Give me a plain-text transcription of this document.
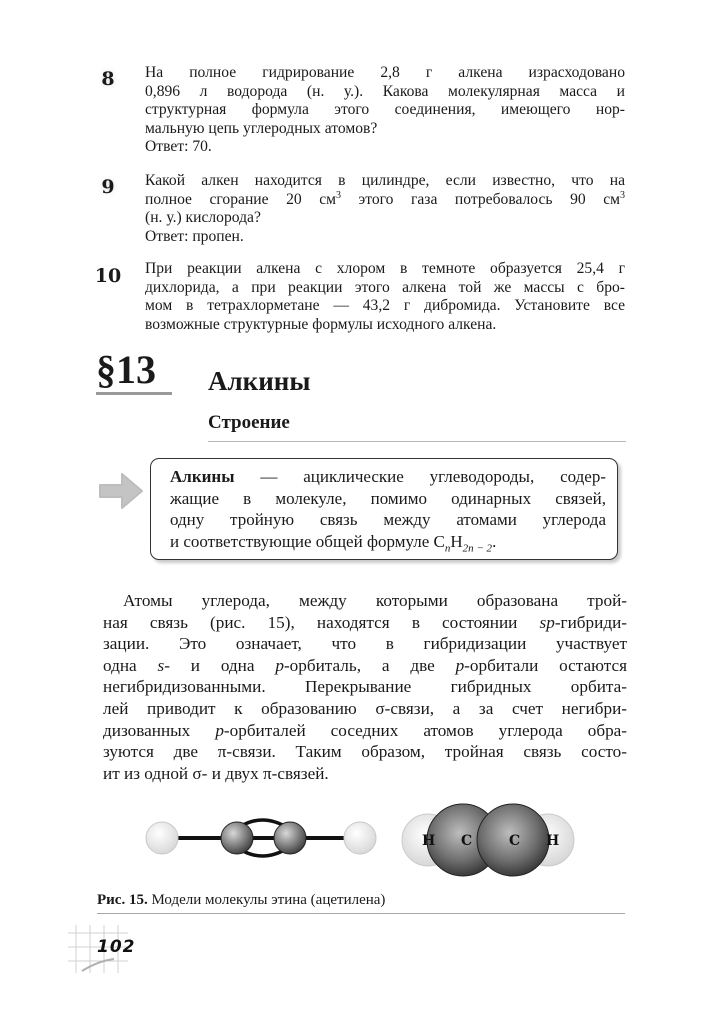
8	На полное гидрирование 2,8 г алкена израсходовано
0,896 л водорода (н. у.). Какова молекулярная масса и
структурная формула этого соединения, имеющего нор-
мальную цепь углеродных атомов?
Ответ: 70.
9	Какой алкен находится в цилиндре, если известно, что на
полное сгорание 20 $см^3$ этого газа потребовалось 90 $см^3$
(н. у.) кислорода?
Ответ: пропен.
10	При реакции алкена с хлором в темноте образуется 25,4 г
дихлорида, а при реакции этого алкена той же массы с бро-
мом в тетрахлорметане — 43,2 г дибромида. Установите все
возможные структурные формулы исходного алкена.
§13 Алкины
Строение
Алкины — ациклические углеводороды, содер-
жащие в молекуле, помимо одинарных связей,
одну тройную связь между атомами углерода
и соответствующие общей формуле $C_nH_{2n - 2}$.
Атомы углерода, между которыми образована трой-
ная связь (рис. 15), находятся в состоянии sp-гибриди-
зации. Это означает, что в гибридизации участвует
одна s- и одна p-орбиталь, а две p-орбитали остаются
негибридизованными. Перекрывание гибридных орбита-
лей приводит к образованию σ-связи, а за счет негибри-
дизованных p-орбиталей соседних атомов углерода обра-
зуются две π-связи. Таким образом, тройная связь состо-
ит из одной σ- и двух π-связей.
H C	C H
Рис. 15. Модели молекулы этина (ацетилена)
102
